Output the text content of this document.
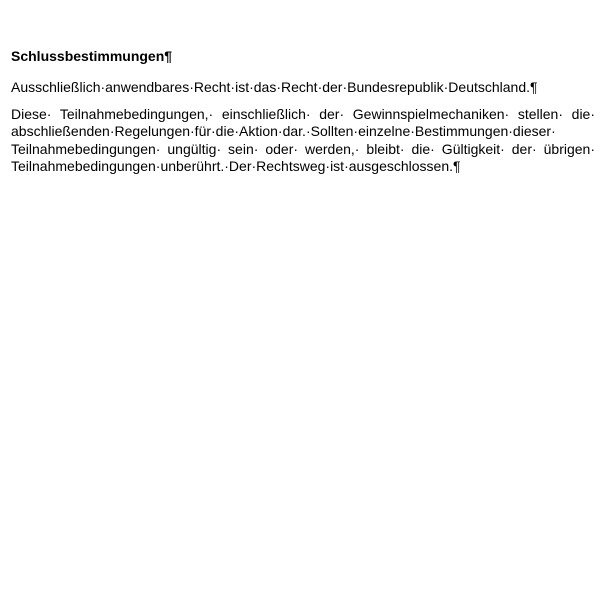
Schlussbestimmungen¶

Ausschließlich·anwendbares·Recht·ist·das·Recht·der·Bundesrepublik·Deutschland.¶

Diese· Teilnahmebedingungen,· einschließlich· der· Gewinnspielmechaniken· stellen· die·
abschließenden·Regelungen·für·die·Aktion·dar.·Sollten·einzelne·Bestimmungen·dieser·
Teilnahmebedingungen· ungültig· sein· oder· werden,· bleibt· die· Gültigkeit· der· übrigen·
Teilnahmebedingungen·unberührt.·Der·Rechtsweg·ist·ausgeschlossen.¶
